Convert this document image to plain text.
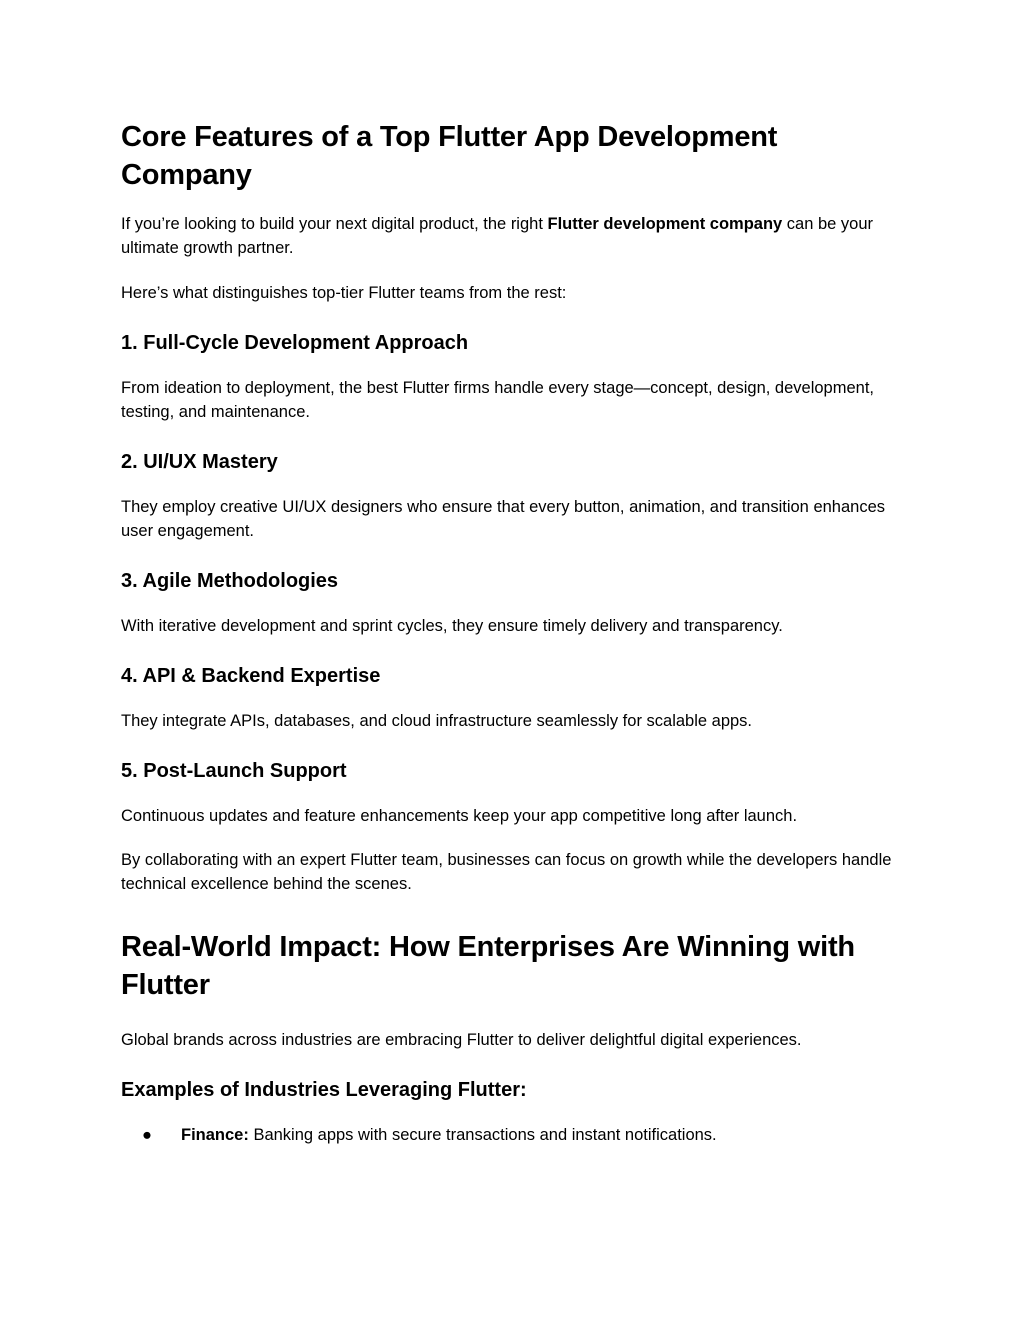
Core Features of a Top Flutter App Development Company

If you’re looking to build your next digital product, the right Flutter development company can be your ultimate growth partner.

Here’s what distinguishes top-tier Flutter teams from the rest:

1. Full-Cycle Development Approach

From ideation to deployment, the best Flutter firms handle every stage—concept, design, development, testing, and maintenance.

2. UI/UX Mastery

They employ creative UI/UX designers who ensure that every button, animation, and transition enhances user engagement.

3. Agile Methodologies

With iterative development and sprint cycles, they ensure timely delivery and transparency.

4. API & Backend Expertise

They integrate APIs, databases, and cloud infrastructure seamlessly for scalable apps.

5. Post-Launch Support

Continuous updates and feature enhancements keep your app competitive long after launch.

By collaborating with an expert Flutter team, businesses can focus on growth while the developers handle technical excellence behind the scenes.

Real-World Impact: How Enterprises Are Winning with Flutter

Global brands across industries are embracing Flutter to deliver delightful digital experiences.

Examples of Industries Leveraging Flutter:
● Finance: Banking apps with secure transactions and instant notifications.
